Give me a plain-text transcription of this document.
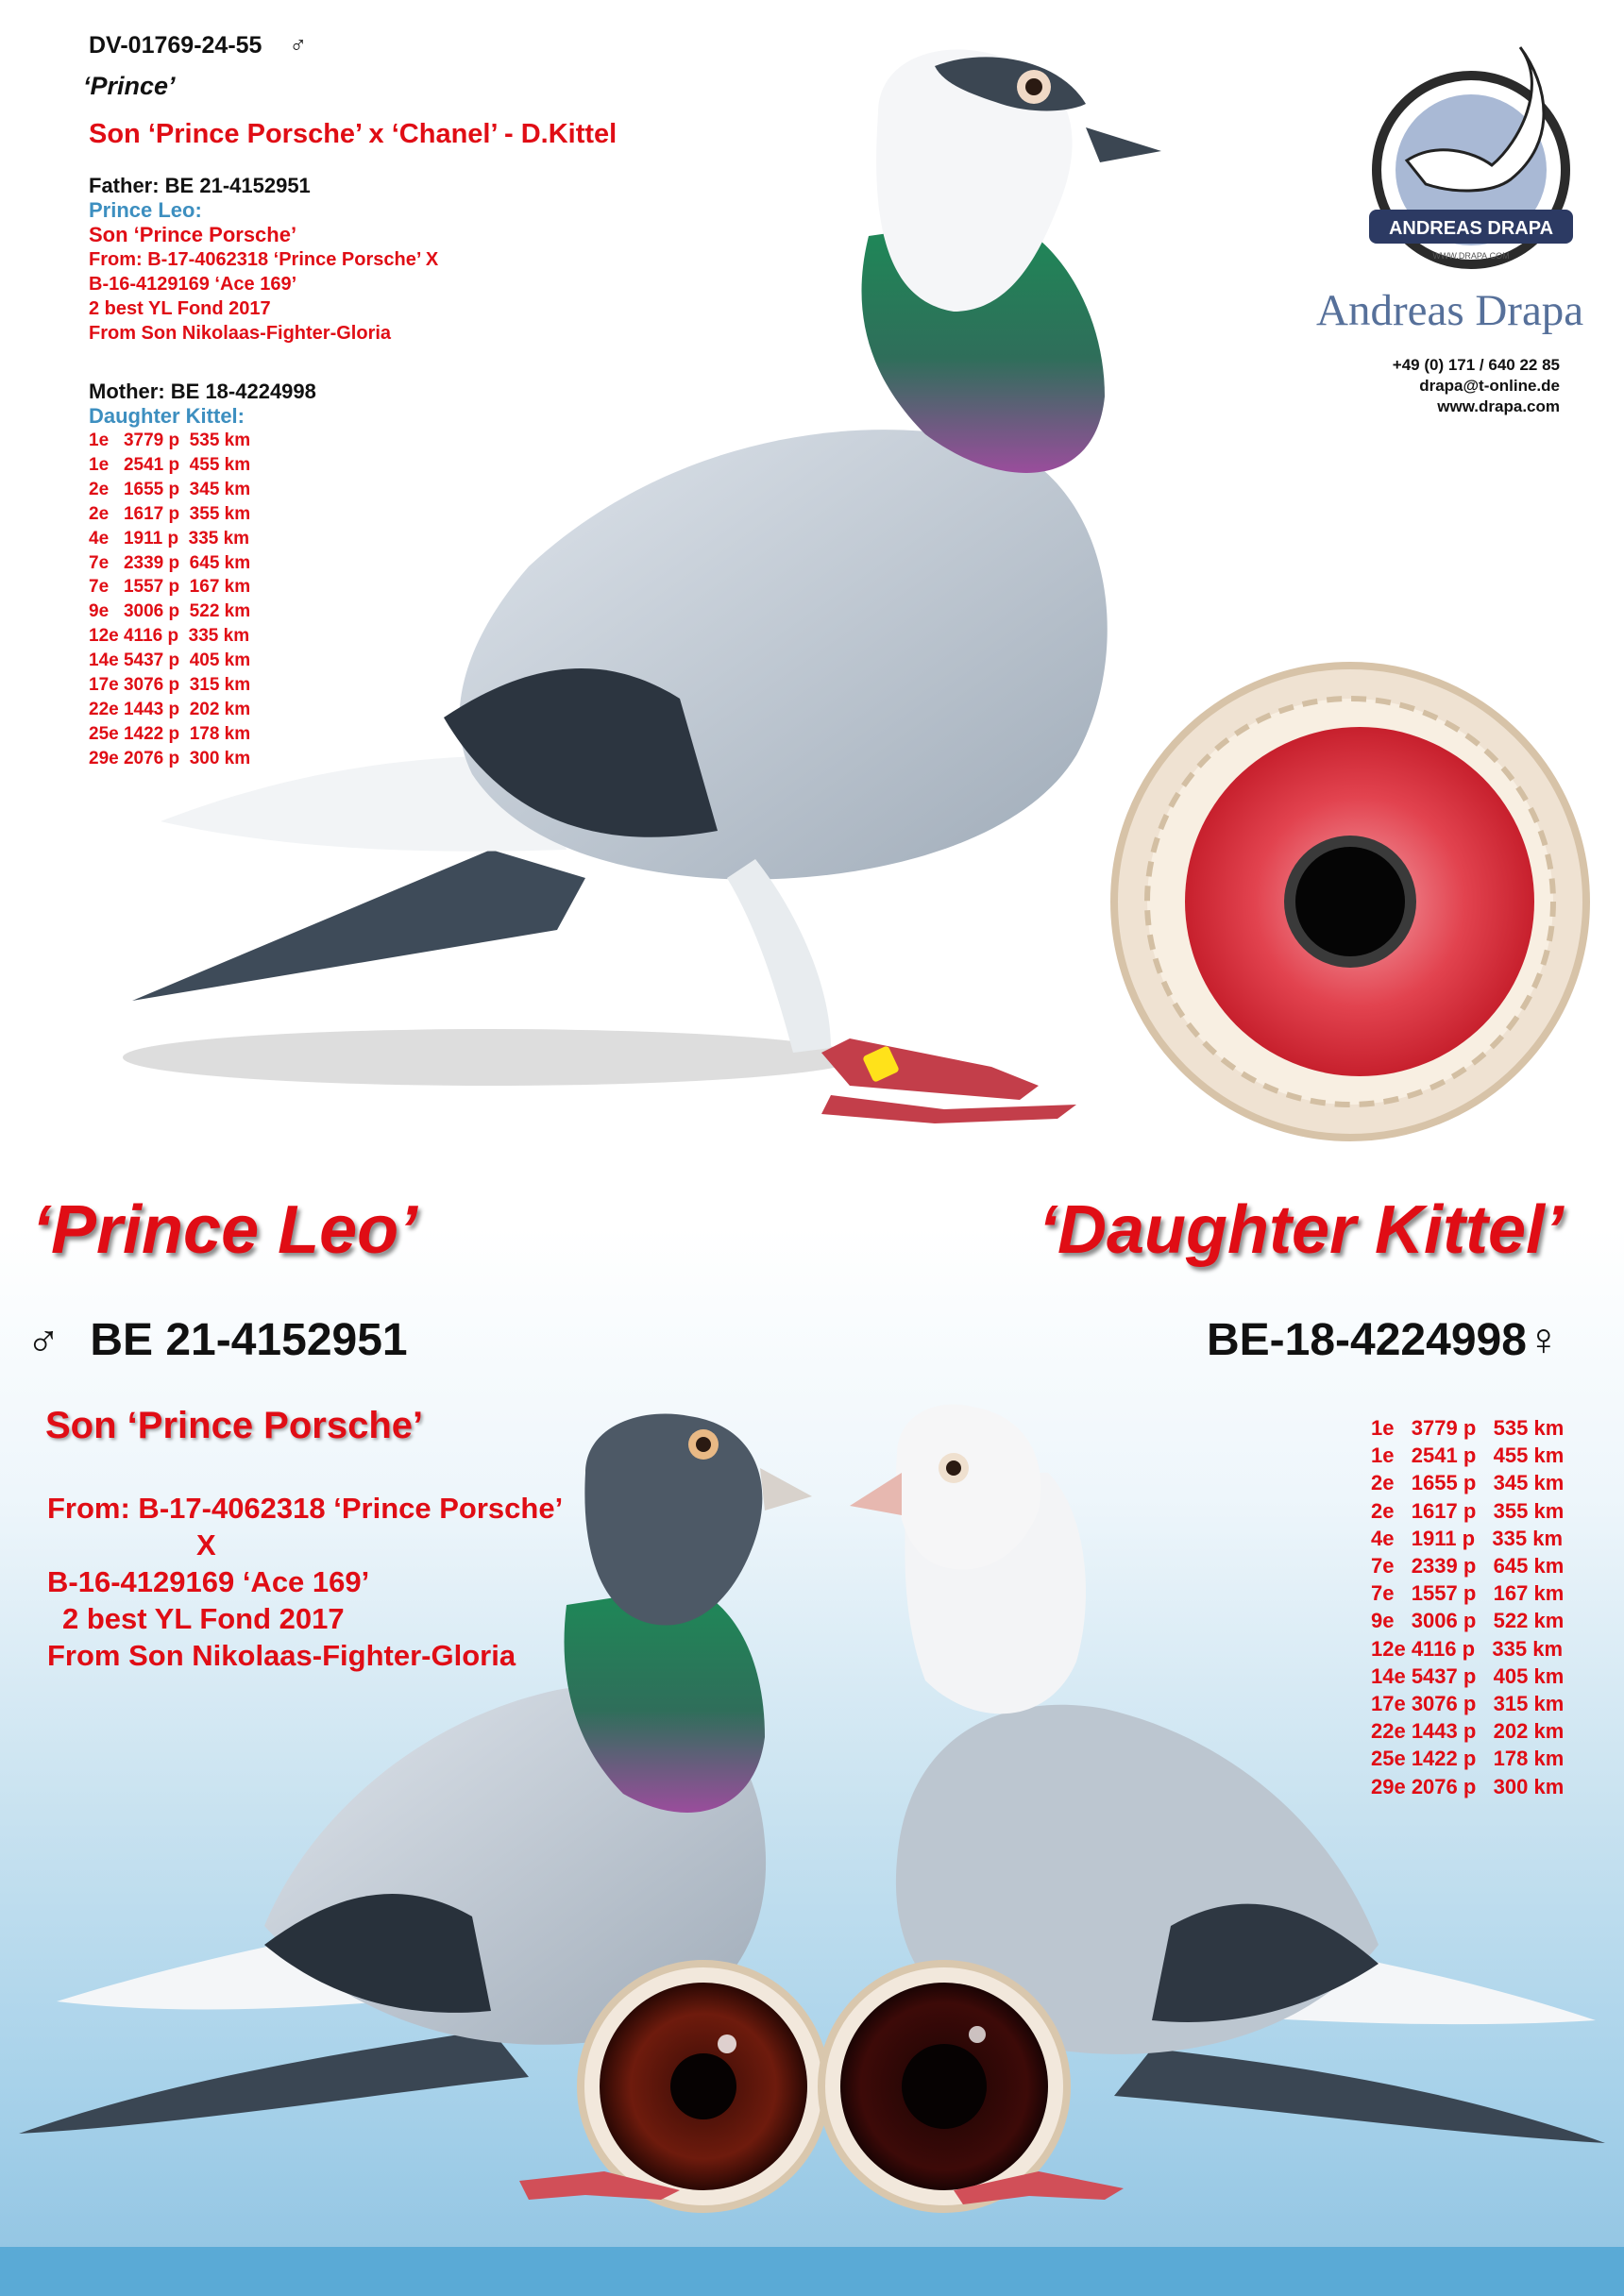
ANDREAS DRAPA
WWW.DRAPA.COM
DV-01769-24-55 ♂
‘Prince’
Son ‘Prince Porsche’ x ‘Chanel’ - D.Kittel
Father: BE 21-4152951
Prince Leo:
Son ‘Prince Porsche’
From: B-17-4062318 ‘Prince Porsche’ X
B-16-4129169 ‘Ace 169’
2 best YL Fond 2017
From Son Nikolaas-Fighter-Gloria
Mother: BE 18-4224998
Daughter Kittel:
1e   3779 p  535 km
1e   2541 p  455 km
2e   1655 p  345 km
2e   1617 p  355 km
4e   1911 p  335 km
7e   2339 p  645 km
7e   1557 p  167 km
9e   3006 p  522 km
12e 4116 p  335 km
14e 5437 p  405 km
17e 3076 p  315 km
22e 1443 p  202 km
25e 1422 p  178 km
29e 2076 p  300 km
Andreas Drapa
+49 (0) 171 / 640 22 85
drapa@t-online.de
www.drapa.com
‘Prince Leo’
♂ BE 21-4152951
Son ‘Prince Porsche’
From: B-17-4062318 ‘Prince Porsche’
X
B-16-4129169 ‘Ace 169’
2 best YL Fond 2017
From Son Nikolaas-Fighter-Gloria
‘Daughter Kittel’
BE-18-4224998♀
1e   3779 p   535 km
1e   2541 p   455 km
2e   1655 p   345 km
2e   1617 p   355 km
4e   1911 p   335 km
7e   2339 p   645 km
7e   1557 p   167 km
9e   3006 p   522 km
12e 4116 p   335 km
14e 5437 p   405 km
17e 3076 p   315 km
22e 1443 p   202 km
25e 1422 p   178 km
29e 2076 p   300 km
